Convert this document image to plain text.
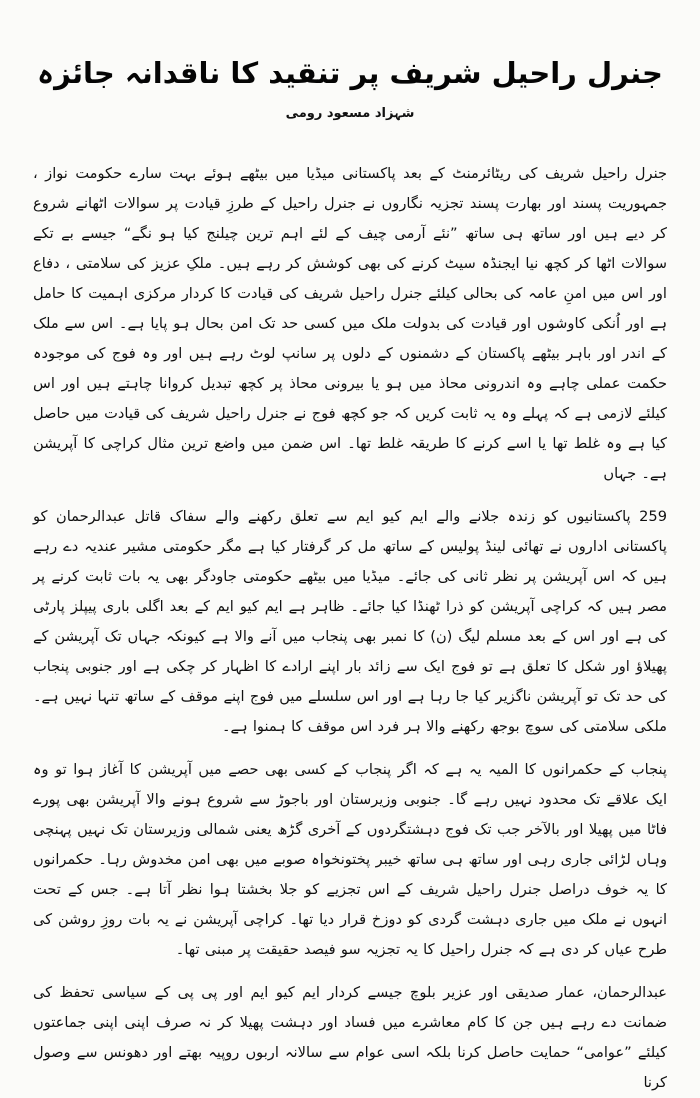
جنرل راحیل شریف پر تنقید کا ناقدانہ جائزہ
شہزاد مسعود رومی

جنرل راحیل شریف کی ریٹائرمنٹ کے بعد پاکستانی میڈیا میں بیٹھے ہوئے بہت سارے حکومت نواز ، جمہوریت پسند اور بھارت پسند تجزیہ نگاروں نے جنرل راحیل کے طرزِ قیادت پر سوالات اٹھانے شروع کر دیے ہیں اور ساتھ ہی ساتھ ”نئے آرمی چیف کے لئے اہم ترین چیلنج کیا ہو نگے“ جیسے بے تکے سوالات اٹھا کر کچھ نیا ایجنڈہ سیٹ کرنے کی بھی کوشش کر رہے ہیں۔ ملکِ عزیز کی سلامتی ، دفاع اور اس میں امنِ عامہ کی بحالی کیلئے جنرل راحیل شریف کی قیادت کا کردار مرکزی اہمیت کا حامل ہے اور اُنکی کاوشوں اور قیادت کی بدولت ملک میں کسی حد تک امن بحال ہو پایا ہے۔ اس سے ملک کے اندر اور باہر بیٹھے پاکستان کے دشمنوں کے دلوں پر سانپ لوٹ رہے ہیں اور وہ فوج کی موجودہ حکمت عملی چاہے وہ اندرونی محاذ میں ہو یا بیرونی محاذ پر کچھ تبدیل کروانا چاہتے ہیں اور اس کیلئے لازمی ہے کہ پہلے وہ یہ ثابت کریں کہ جو کچھ فوج نے جنرل راحیل شریف کی قیادت میں حاصل کیا ہے وہ غلط تھا یا اسے کرنے کا طریقہ غلط تھا۔ اس ضمن میں واضع ترین مثال کراچی کا آپریشن ہے۔ جہاں

259 پاکستانیوں کو زندہ جلانے والے ایم کیو ایم سے تعلق رکھنے والے سفاک قاتل عبدالرحمان کو پاکستانی اداروں نے تھائی لینڈ پولیس کے ساتھ مل کر گرفتار کیا ہے مگر حکومتی مشیر عندیہ دے رہے ہیں کہ اس آپریشن پر نظر ثانی کی جائے۔ میڈیا میں بیٹھے حکومتی جاودگر بھی یہ بات ثابت کرنے پر مصر ہیں کہ کراچی آپریشن کو ذرا ٹھنڈا کیا جائے۔ ظاہر ہے ایم کیو ایم کے بعد اگلی باری پیپلز پارٹی کی ہے اور اس کے بعد مسلم لیگ (ن) کا نمبر بھی پنجاب میں آنے والا ہے کیونکہ جہاں تک آپریشن کے پھیلاؤ اور شکل کا تعلق ہے تو فوج ایک سے زائد بار اپنے ارادے کا اظہار کر چکی ہے اور جنوبی پنجاب کی حد تک تو آپریشن ناگزیر کیا جا رہا ہے اور اس سلسلے میں فوج اپنے موقف کے ساتھ تنہا نہیں ہے۔ ملکی سلامتی کی سوچ بوجھ رکھنے والا ہر فرد اس موقف کا ہمنوا ہے۔

پنجاب کے حکمرانوں کا المیہ یہ ہے کہ اگر پنجاب کے کسی بھی حصے میں آپریشن کا آغاز ہوا تو وہ ایک علاقے تک محدود نہیں رہے گا۔ جنوبی وزیرستان اور باجوڑ سے شروع ہونے والا آپریشن بھی پورے فاٹا میں پھیلا اور بالآخر جب تک فوج دہشتگردوں کے آخری گڑھ یعنی شمالی وزیرستان تک نہیں پہنچی وہاں لڑائی جاری رہی اور ساتھ ہی ساتھ خیبر پختونخواہ صوبے میں بھی امن مخدوش رہا۔ حکمرانوں کا یہ خوف دراصل جنرل راحیل شریف کے اس تجزیے کو جلا بخشتا ہوا نظر آتا ہے۔ جس کے تحت انہوں نے ملک میں جاری دہشت گردی کو دوزخ قرار دیا تھا۔ کراچی آپریشن نے یہ بات روزِ روشن کی طرح عیاں کر دی ہے کہ جنرل راحیل کا یہ تجزیہ سو فیصد حقیقت پر مبنی تھا۔

عبدالرحمان، عمار صدیقی اور عزیر بلوچ جیسے کردار ایم کیو ایم اور پی پی کے سیاسی تحفظ کی ضمانت دے رہے ہیں جن کا کام معاشرے میں فساد اور دہشت پھیلا کر نہ صرف اپنی اپنی جماعتوں کیلئے ”عوامی“ حمایت حاصل کرنا بلکہ اسی عوام سے سالانہ اربوں روپیہ بھتے اور دھونس سے وصول کرنا
